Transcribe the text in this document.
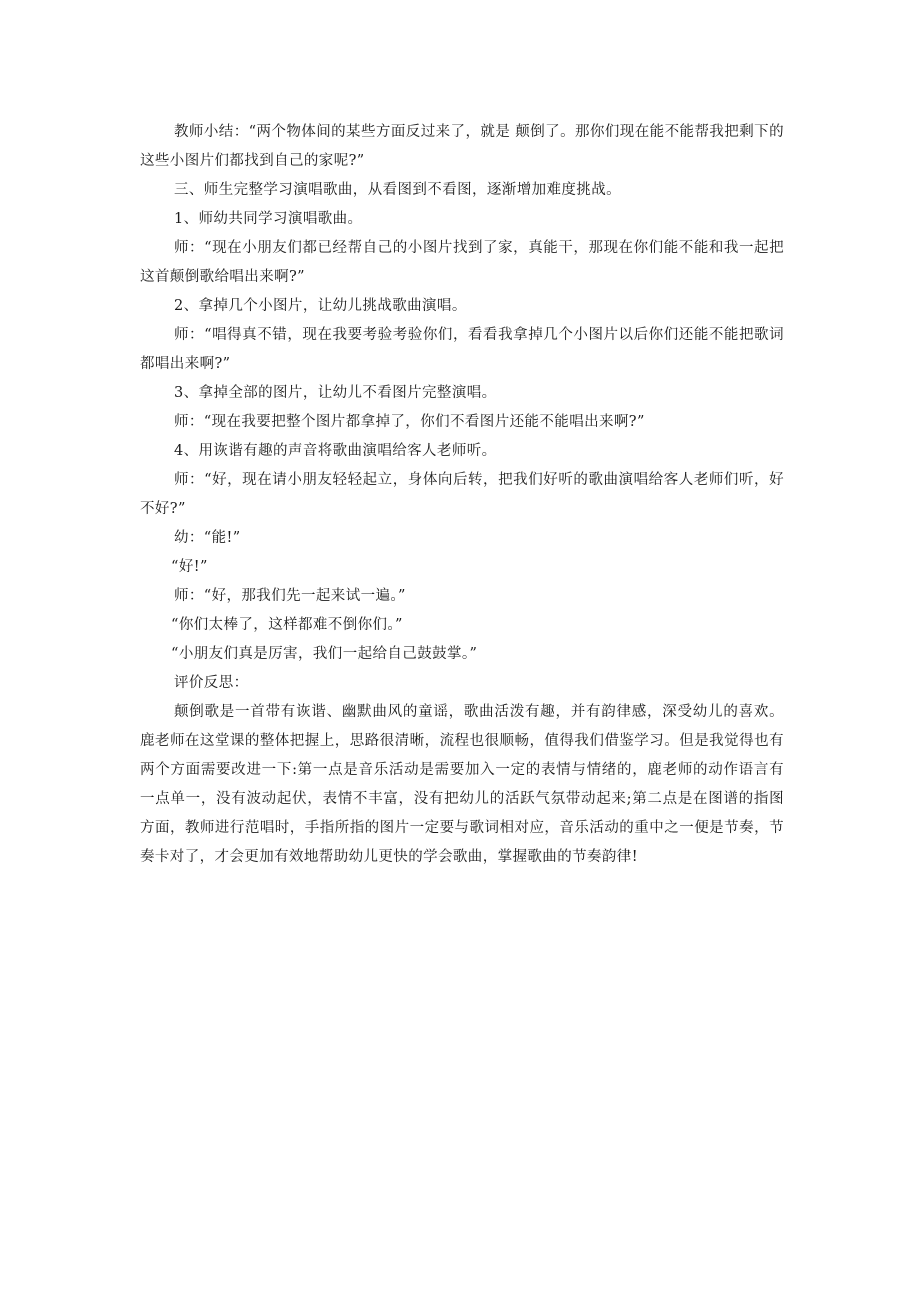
教师小结：“两个物体间的某些方面反过来了，就是 颠倒了。那你们现在能不能帮我把剩下的这些小图片们都找到自己的家呢?”

三、师生完整学习演唱歌曲，从看图到不看图，逐渐增加难度挑战。

1、师幼共同学习演唱歌曲。

师：“现在小朋友们都已经帮自己的小图片找到了家，真能干，那现在你们能不能和我一起把这首颠倒歌给唱出来啊?”

2、拿掉几个小图片，让幼儿挑战歌曲演唱。

师：“唱得真不错，现在我要考验考验你们，看看我拿掉几个小图片以后你们还能不能把歌词都唱出来啊?”

3、拿掉全部的图片，让幼儿不看图片完整演唱。

师：“现在我要把整个图片都拿掉了，你们不看图片还能不能唱出来啊?”

4、用诙谐有趣的声音将歌曲演唱给客人老师听。

师：“好，现在请小朋友轻轻起立，身体向后转，把我们好听的歌曲演唱给客人老师们听，好不好?”

幼：“能!”

“好!”

师：“好，那我们先一起来试一遍。”

“你们太棒了，这样都难不倒你们。”

“小朋友们真是厉害，我们一起给自己鼓鼓掌。”

评价反思：

颠倒歌是一首带有诙谐、幽默曲风的童谣，歌曲活泼有趣，并有韵律感，深受幼儿的喜欢。鹿老师在这堂课的整体把握上，思路很清晰，流程也很顺畅，值得我们借鉴学习。但是我觉得也有两个方面需要改进一下:第一点是音乐活动是需要加入一定的表情与情绪的，鹿老师的动作语言有一点单一，没有波动起伏，表情不丰富，没有把幼儿的活跃气氛带动起来;第二点是在图谱的指图方面，教师进行范唱时，手指所指的图片一定要与歌词相对应，音乐活动的重中之一便是节奏，节奏卡对了，才会更加有效地帮助幼儿更快的学会歌曲，掌握歌曲的节奏韵律!
